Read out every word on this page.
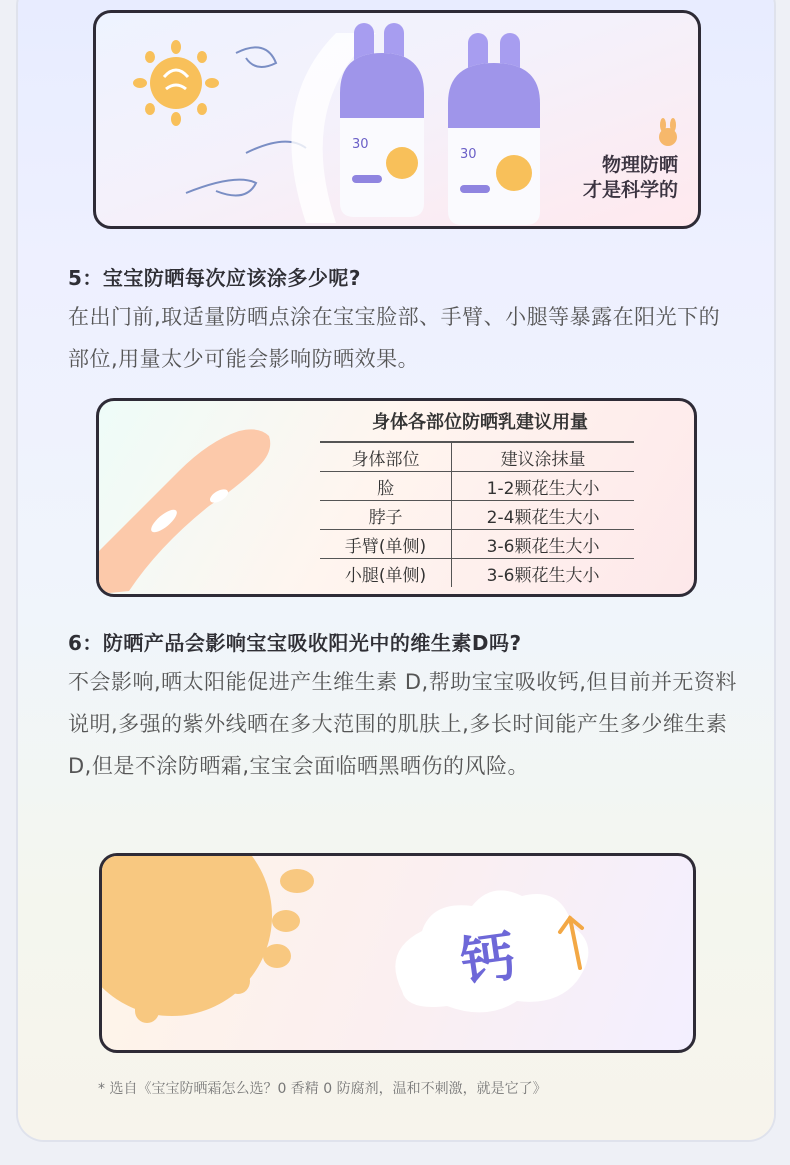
30
30	物理防晒
才是科学的
5：宝宝防晒每次应该涂多少呢?
在出门前,取适量防晒点涂在宝宝脸部、手臂、小腿等暴露在阳光下的部位,用量太少可能会影响防晒效果。
身体各部位防晒乳建议用量
身体部位	建议涂抹量
脸	1-2颗花生大小
脖子	2-4颗花生大小
手臂(单侧)	3-6颗花生大小
小腿(单侧)	3-6颗花生大小
6：防晒产品会影响宝宝吸收阳光中的维生素D吗?
不会影响,晒太阳能促进产生维生素 D,帮助宝宝吸收钙,但目前并无资料说明,多强的紫外线晒在多大范围的肌肤上,多长时间能产生多少维生素 D,但是不涂防晒霜,宝宝会面临晒黑晒伤的风险。
钙
* 选自《宝宝防晒霜怎么选？0 香精 0 防腐剂，温和不刺激，就是它了》
